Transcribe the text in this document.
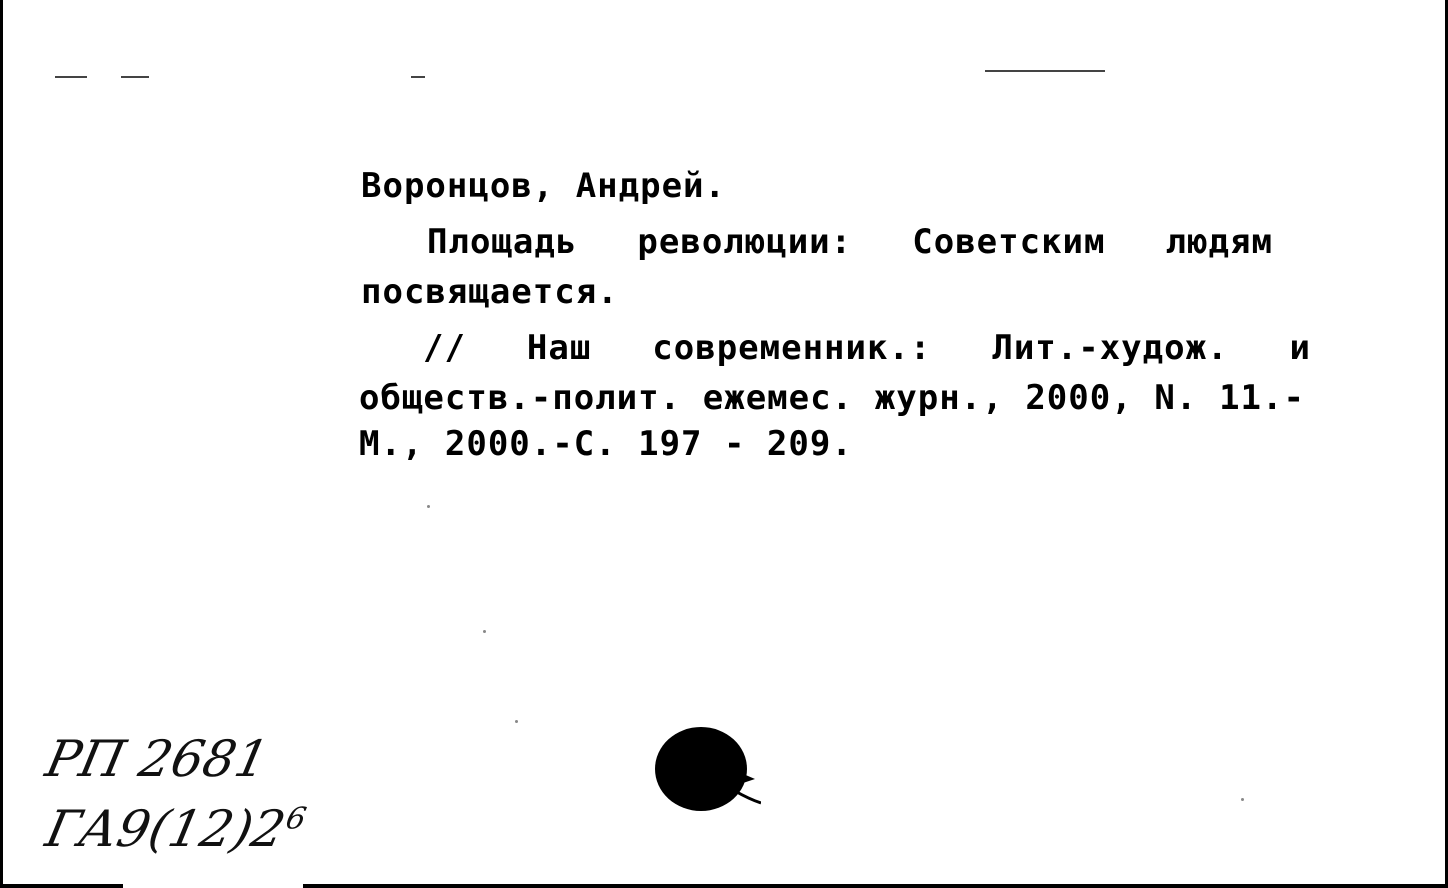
Воронцов, Андрей.
Площадь революции: Советским людям
посвящается.
// Наш современник.: Лит.-худож. и
обществ.-полит. ежемес. журн., 2000, N. 11.-
М., 2000.-С. 197 - 209.
РП 2681
$ГА9(12)2^6$
